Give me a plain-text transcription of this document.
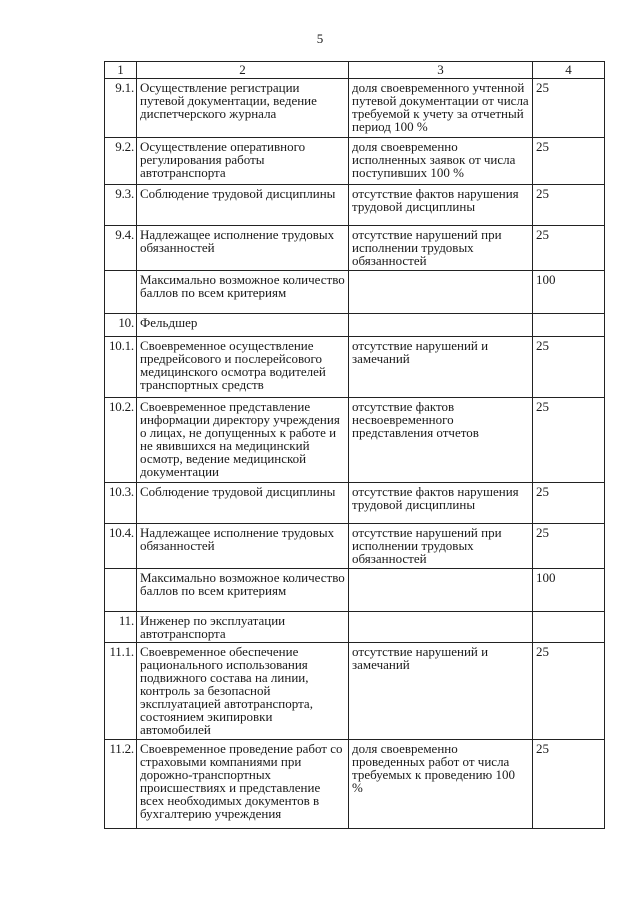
5
1	2	3	4
9.1.	Осуществление регистрации путевой документации, ведение диспетчерского журнала	доля своевременного учтенной путевой документации от числа требуемой к учету за отчетный период 100 %	25
9.2.	Осуществление оперативного регулирования работы автотранспорта	доля своевременно исполненных заявок от числа поступивших 100 %	25
9.3.	Соблюдение трудовой дисциплины	отсутствие фактов нарушения трудовой дисциплины	25
9.4.	Надлежащее исполнение трудовых обязанностей	отсутствие нарушений при исполнении трудовых обязанностей	25
	Максимально возможное количество баллов по всем критериям		100
10.	Фельдшер		
10.1.	Своевременное осуществление предрейсового и послерейсового медицинского осмотра водителей транспортных средств	отсутствие нарушений и замечаний	25
10.2.	Своевременное представление информации директору учреждения о лицах, не допущенных к работе и не явившихся на медицинский осмотр, ведение медицинской документации	отсутствие фактов несвоевременного представления отчетов	25
10.3.	Соблюдение трудовой дисциплины	отсутствие фактов нарушения трудовой дисциплины	25
10.4.	Надлежащее исполнение трудовых обязанностей	отсутствие нарушений при исполнении трудовых обязанностей	25
	Максимально возможное количество баллов по всем критериям		100
11.	Инженер по эксплуатации автотранспорта		
11.1.	Своевременное обеспечение рационального использования подвижного состава на линии, контроль за безопасной эксплуатацией автотранспорта, состоянием экипировки автомобилей	отсутствие нарушений и замечаний	25
11.2.	Своевременное проведение работ со страховыми компаниями при дорожно-транспортных происшествиях и представление всех необходимых документов в бухгалтерию учреждения	доля своевременно проведенных работ от числа требуемых к проведению 100 %	25
